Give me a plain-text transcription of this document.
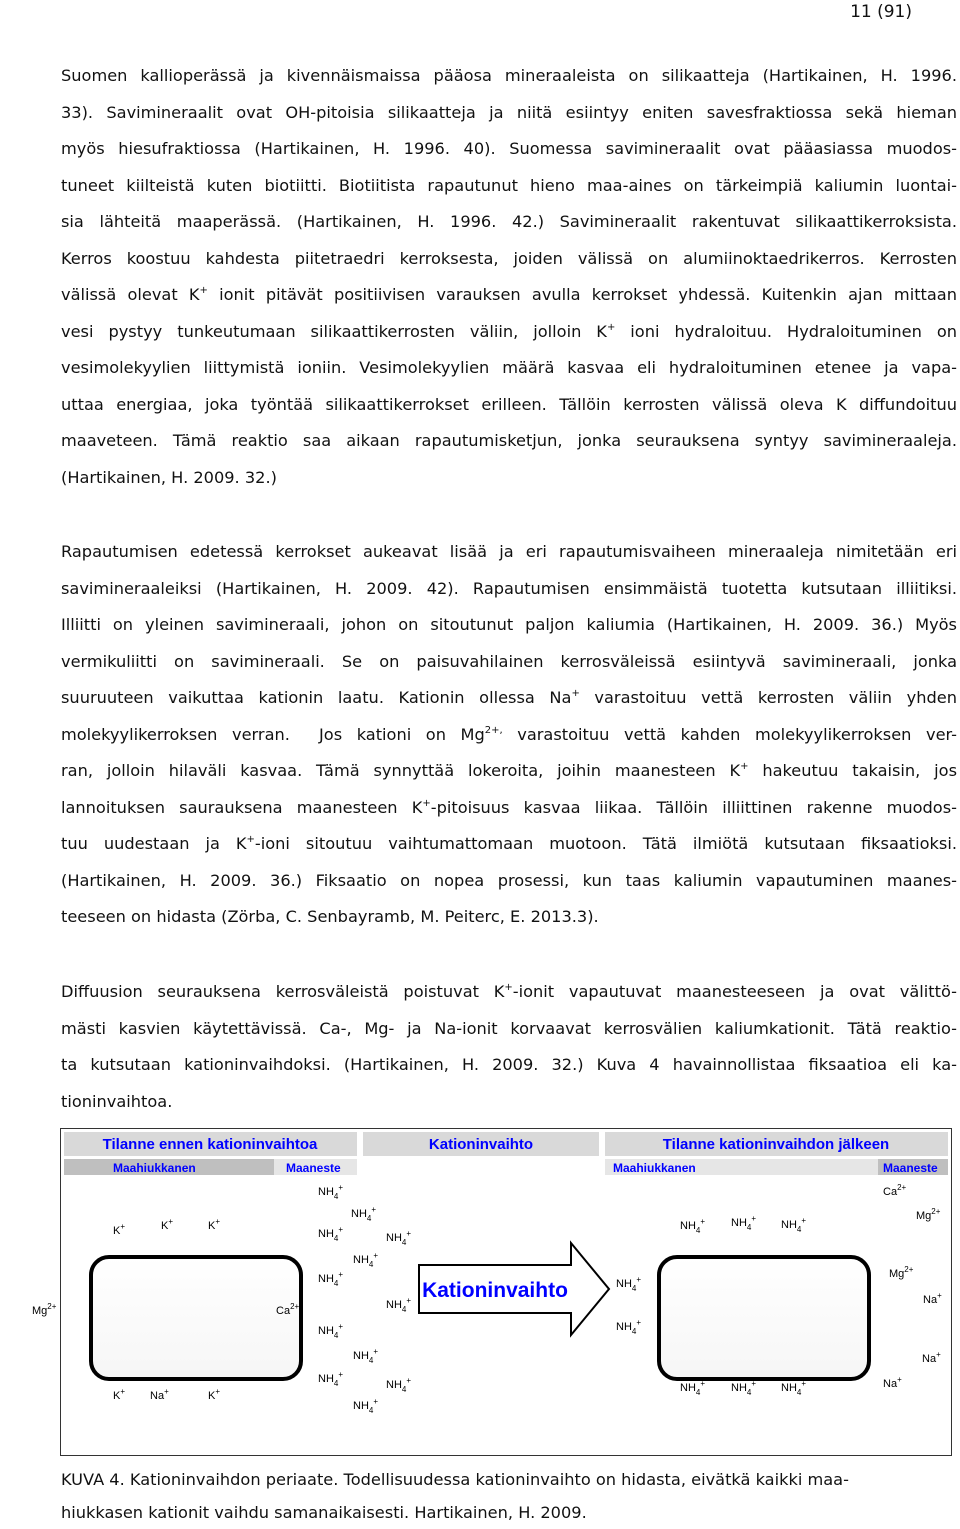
11 (91)
Suomen kallioperässä ja kivennäismaissa pääosa mineraaleista on silikaatteja (Hartikainen, H. 1996.
33). Savimineraalit ovat OH-pitoisia silikaatteja ja niitä esiintyy eniten savesfraktiossa sekä hieman
myös hiesufraktiossa (Hartikainen, H. 1996. 40). Suomessa savimineraalit ovat pääasiassa muodos-
tuneet kiilteistä kuten biotiitti. Biotiitista rapautunut hieno maa-aines on tärkeimpiä kaliumin luontai-
sia lähteitä maaperässä. (Hartikainen, H. 1996. 42.) Savimineraalit rakentuvat silikaattikerroksista.
Kerros koostuu kahdesta piitetraedri kerroksesta, joiden välissä on alumiinoktaedrikerros. Kerrosten
välissä olevat K+ ionit pitävät positiivisen varauksen avulla kerrokset yhdessä. Kuitenkin ajan mittaan
vesi pystyy tunkeutumaan silikaattikerrosten väliin, jolloin K+ ioni hydraloituu. Hydraloituminen on
vesimolekyylien liittymistä ioniin. Vesimolekyylien määrä kasvaa eli hydraloituminen etenee ja vapa-
uttaa energiaa, joka työntää silikaattikerrokset erilleen. Tällöin kerrosten välissä oleva K diffundoituu
maaveteen. Tämä reaktio saa aikaan rapautumisketjun, jonka seurauksena syntyy savimineraaleja.
(Hartikainen, H. 2009. 32.)
Rapautumisen edetessä kerrokset aukeavat lisää ja eri rapautumisvaiheen mineraaleja nimitetään eri
savimineraaleiksi (Hartikainen, H. 2009. 42). Rapautumisen ensimmäistä tuotetta kutsutaan illiitiksi.
Illiitti on yleinen savimineraali, johon on sitoutunut paljon kaliumia (Hartikainen, H. 2009. 36.) Myös
vermikuliitti on savimineraali. Se on paisuvahilainen kerrosväleissä esiintyvä savimineraali, jonka
suuruuteen vaikuttaa kationin laatu. Kationin ollessa Na+ varastoituu vettä kerrosten väliin yhden
molekyylikerroksen verran.  Jos kationi on $Mg^{2+,}$ varastoituu vettä kahden molekyylikerroksen ver-
ran, jolloin hilaväli kasvaa. Tämä synnyttää lokeroita, joihin maanesteen K+ hakeutuu takaisin, jos
lannoituksen saurauksena maanesteen K+-pitoisuus kasvaa liikaa. Tällöin illiittinen rakenne muodos-
tuu uudestaan ja K+-ioni sitoutuu vaihtumattomaan muotoon. Tätä ilmiötä kutsutaan fiksaatioksi.
(Hartikainen, H. 2009. 36.) Fiksaatio on nopea prosessi, kun taas kaliumin vapautuminen maanes-
teeseen on hidasta (Zörba, C. Senbayramb, M. Peiterc, E. 2013.3).
Diffuusion seurauksena kerrosväleistä poistuvat K+-ionit vapautuvat maanesteeseen ja ovat välittö-
mästi kasvien käytettävissä. Ca-, Mg- ja Na-ionit korvaavat kerrosvälien kaliumkationit. Tätä reaktio-
ta kutsutaan kationinvaihdoksi. (Hartikainen, H. 2009. 32.) Kuva 4 havainnollistaa fiksaatioa eli ka-
tioninvaihtoa.
Tilanne ennen kationinvaihtoa	Kationinvaihto	Tilanne kationinvaihdon jälkeen
Maahiukkanen	Maaneste	Maahiukkanen	Maaneste
Kationinvaihto
K+	K+	K+
$Mg^{2+}$	$Ca^{2+}$
K+ Na+	K+
$NH_4^+$
$NH_4^+$
$NH_4^+$
$NH_4^+$
$NH_4^+$
$NH_4^+$
$NH_4^+$
$NH_4^+$
$NH_4^+$
$NH_4^+$
$NH_4^+$
$NH_4^+$
$NH_4^+$ $NH_4^+$
$NH_4^+$
$NH_4^+$
$NH_4^+$
$NH_4^+$ $NH_4^+$ $NH_4^+$
$Ca^{2+}$
$Mg^{2+}$
$Mg^{2+}$
Na+
Na+
Na+
KUVA 4. Kationinvaihdon periaate. Todellisuudessa kationinvaihto on hidasta, eivätkä kaikki maa-
hiukkasen kationit vaihdu samanaikaisesti. Hartikainen, H. 2009.
